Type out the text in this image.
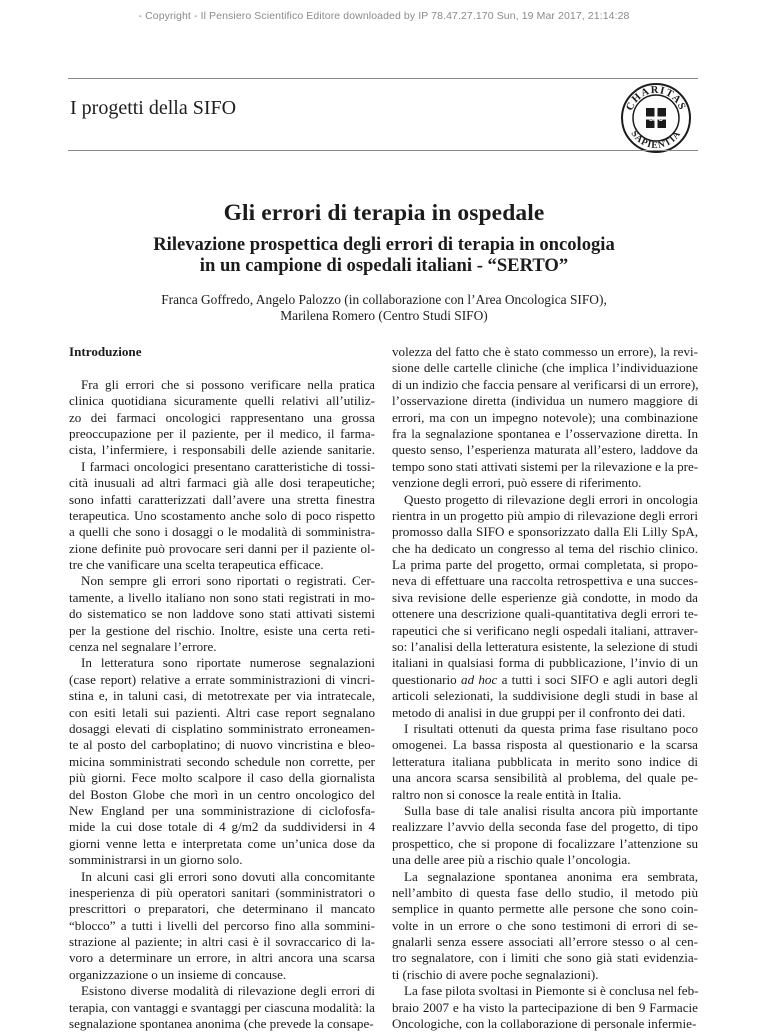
- Copyright - Il Pensiero Scientifico Editore downloaded by IP 78.47.27.170 Sun, 19 Mar 2017, 21:14:28
I progetti della SIFO	CHARITAS
SAPIENTIA
SIFO
Gli errori di terapia in ospedale
Rilevazione prospettica degli errori di terapia in oncologia
in un campione di ospedali italiani - “SERTO”
Franca Goffredo, Angelo Palozzo (in collaborazione con l’Area Oncologica SIFO),
Marilena Romero (Centro Studi SIFO)
Introduzione
Fra gli errori che si possono verificare nella pratica
clinica quotidiana sicuramente quelli relativi all’utiliz-
zo dei farmaci oncologici rappresentano una grossa
preoccupazione per il paziente, per il medico, il farma-
cista, l’infermiere, i responsabili delle aziende sanitarie.
I farmaci oncologici presentano caratteristiche di tossi-
cità inusuali ad altri farmaci già alle dosi terapeutiche;
sono infatti caratterizzati dall’avere una stretta finestra
terapeutica. Uno scostamento anche solo di poco rispetto
a quelli che sono i dosaggi o le modalità di somministra-
zione definite può provocare seri danni per il paziente ol-
tre che vanificare una scelta terapeutica efficace.
Non sempre gli errori sono riportati o registrati. Cer-
tamente, a livello italiano non sono stati registrati in mo-
do sistematico se non laddove sono stati attivati sistemi
per la gestione del rischio. Inoltre, esiste una certa reti-
cenza nel segnalare l’errore.
In letteratura sono riportate numerose segnalazioni
(case report) relative a errate somministrazioni di vincri-
stina e, in taluni casi, di metotrexate per via intratecale,
con esiti letali sui pazienti. Altri case report segnalano
dosaggi elevati di cisplatino somministrato erroneamen-
te al posto del carboplatino; di nuovo vincristina e bleo-
micina somministrati secondo schedule non corrette, per
più giorni. Fece molto scalpore il caso della giornalista
del Boston Globe che morì in un centro oncologico del
New England per una somministrazione di ciclofosfa-
mide la cui dose totale di 4 g/m2 da suddividersi in 4
giorni venne letta e interpretata come un’unica dose da
somministrarsi in un giorno solo.
In alcuni casi gli errori sono dovuti alla concomitante
inesperienza di più operatori sanitari (somministratori o
prescrittori o preparatori, che determinano il mancato
“blocco” a tutti i livelli del percorso fino alla sommini-
strazione al paziente; in altri casi è il sovraccarico di la-
voro a determinare un errore, in altri ancora una scarsa
organizzazione o un insieme di concause.
Esistono diverse modalità di rilevazione degli errori di
terapia, con vantaggi e svantaggi per ciascuna modalità: la
segnalazione spontanea anonima (che prevede la consape-
volezza del fatto che è stato commesso un errore), la revi-
sione delle cartelle cliniche (che implica l’individuazione
di un indizio che faccia pensare al verificarsi di un errore),
l’osservazione diretta (individua un numero maggiore di
errori, ma con un impegno notevole); una combinazione
fra la segnalazione spontanea e l’osservazione diretta. In
questo senso, l’esperienza maturata all’estero, laddove da
tempo sono stati attivati sistemi per la rilevazione e la pre-
venzione degli errori, può essere di riferimento.
Questo progetto di rilevazione degli errori in oncologia
rientra in un progetto più ampio di rilevazione degli errori
promosso dalla SIFO e sponsorizzato dalla Eli Lilly SpA,
che ha dedicato un congresso al tema del rischio clinico.
La prima parte del progetto, ormai completata, si propo-
neva di effettuare una raccolta retrospettiva e una succes-
siva revisione delle esperienze già condotte, in modo da
ottenere una descrizione quali-quantitativa degli errori te-
rapeutici che si verificano negli ospedali italiani, attraver-
so: l’analisi della letteratura esistente, la selezione di studi
italiani in qualsiasi forma di pubblicazione, l’invio di un
questionario ad hoc a tutti i soci SIFO e agli autori degli
articoli selezionati, la suddivisione degli studi in base al
metodo di analisi in due gruppi per il confronto dei dati.
I risultati ottenuti da questa prima fase risultano poco
omogenei. La bassa risposta al questionario e la scarsa
letteratura italiana pubblicata in merito sono indice di
una ancora scarsa sensibilità al problema, del quale pe-
raltro non si conosce la reale entità in Italia.
Sulla base di tale analisi risulta ancora più importante
realizzare l’avvio della seconda fase del progetto, di tipo
prospettico, che si propone di focalizzare l’attenzione su
una delle aree più a rischio quale l’oncologia.
La segnalazione spontanea anonima era sembrata,
nell’ambito di questa fase dello studio, il metodo più
semplice in quanto permette alle persone che sono coin-
volte in un errore o che sono testimoni di errori di se-
gnalarli senza essere associati all’errore stesso o al cen-
tro segnalatore, con i limiti che sono già stati evidenzia-
ti (rischio di avere poche segnalazioni).
La fase pilota svoltasi in Piemonte si è conclusa nel feb-
braio 2007 e ha visto la partecipazione di ben 9 Farmacie
Oncologiche, con la collaborazione di personale infermie-
